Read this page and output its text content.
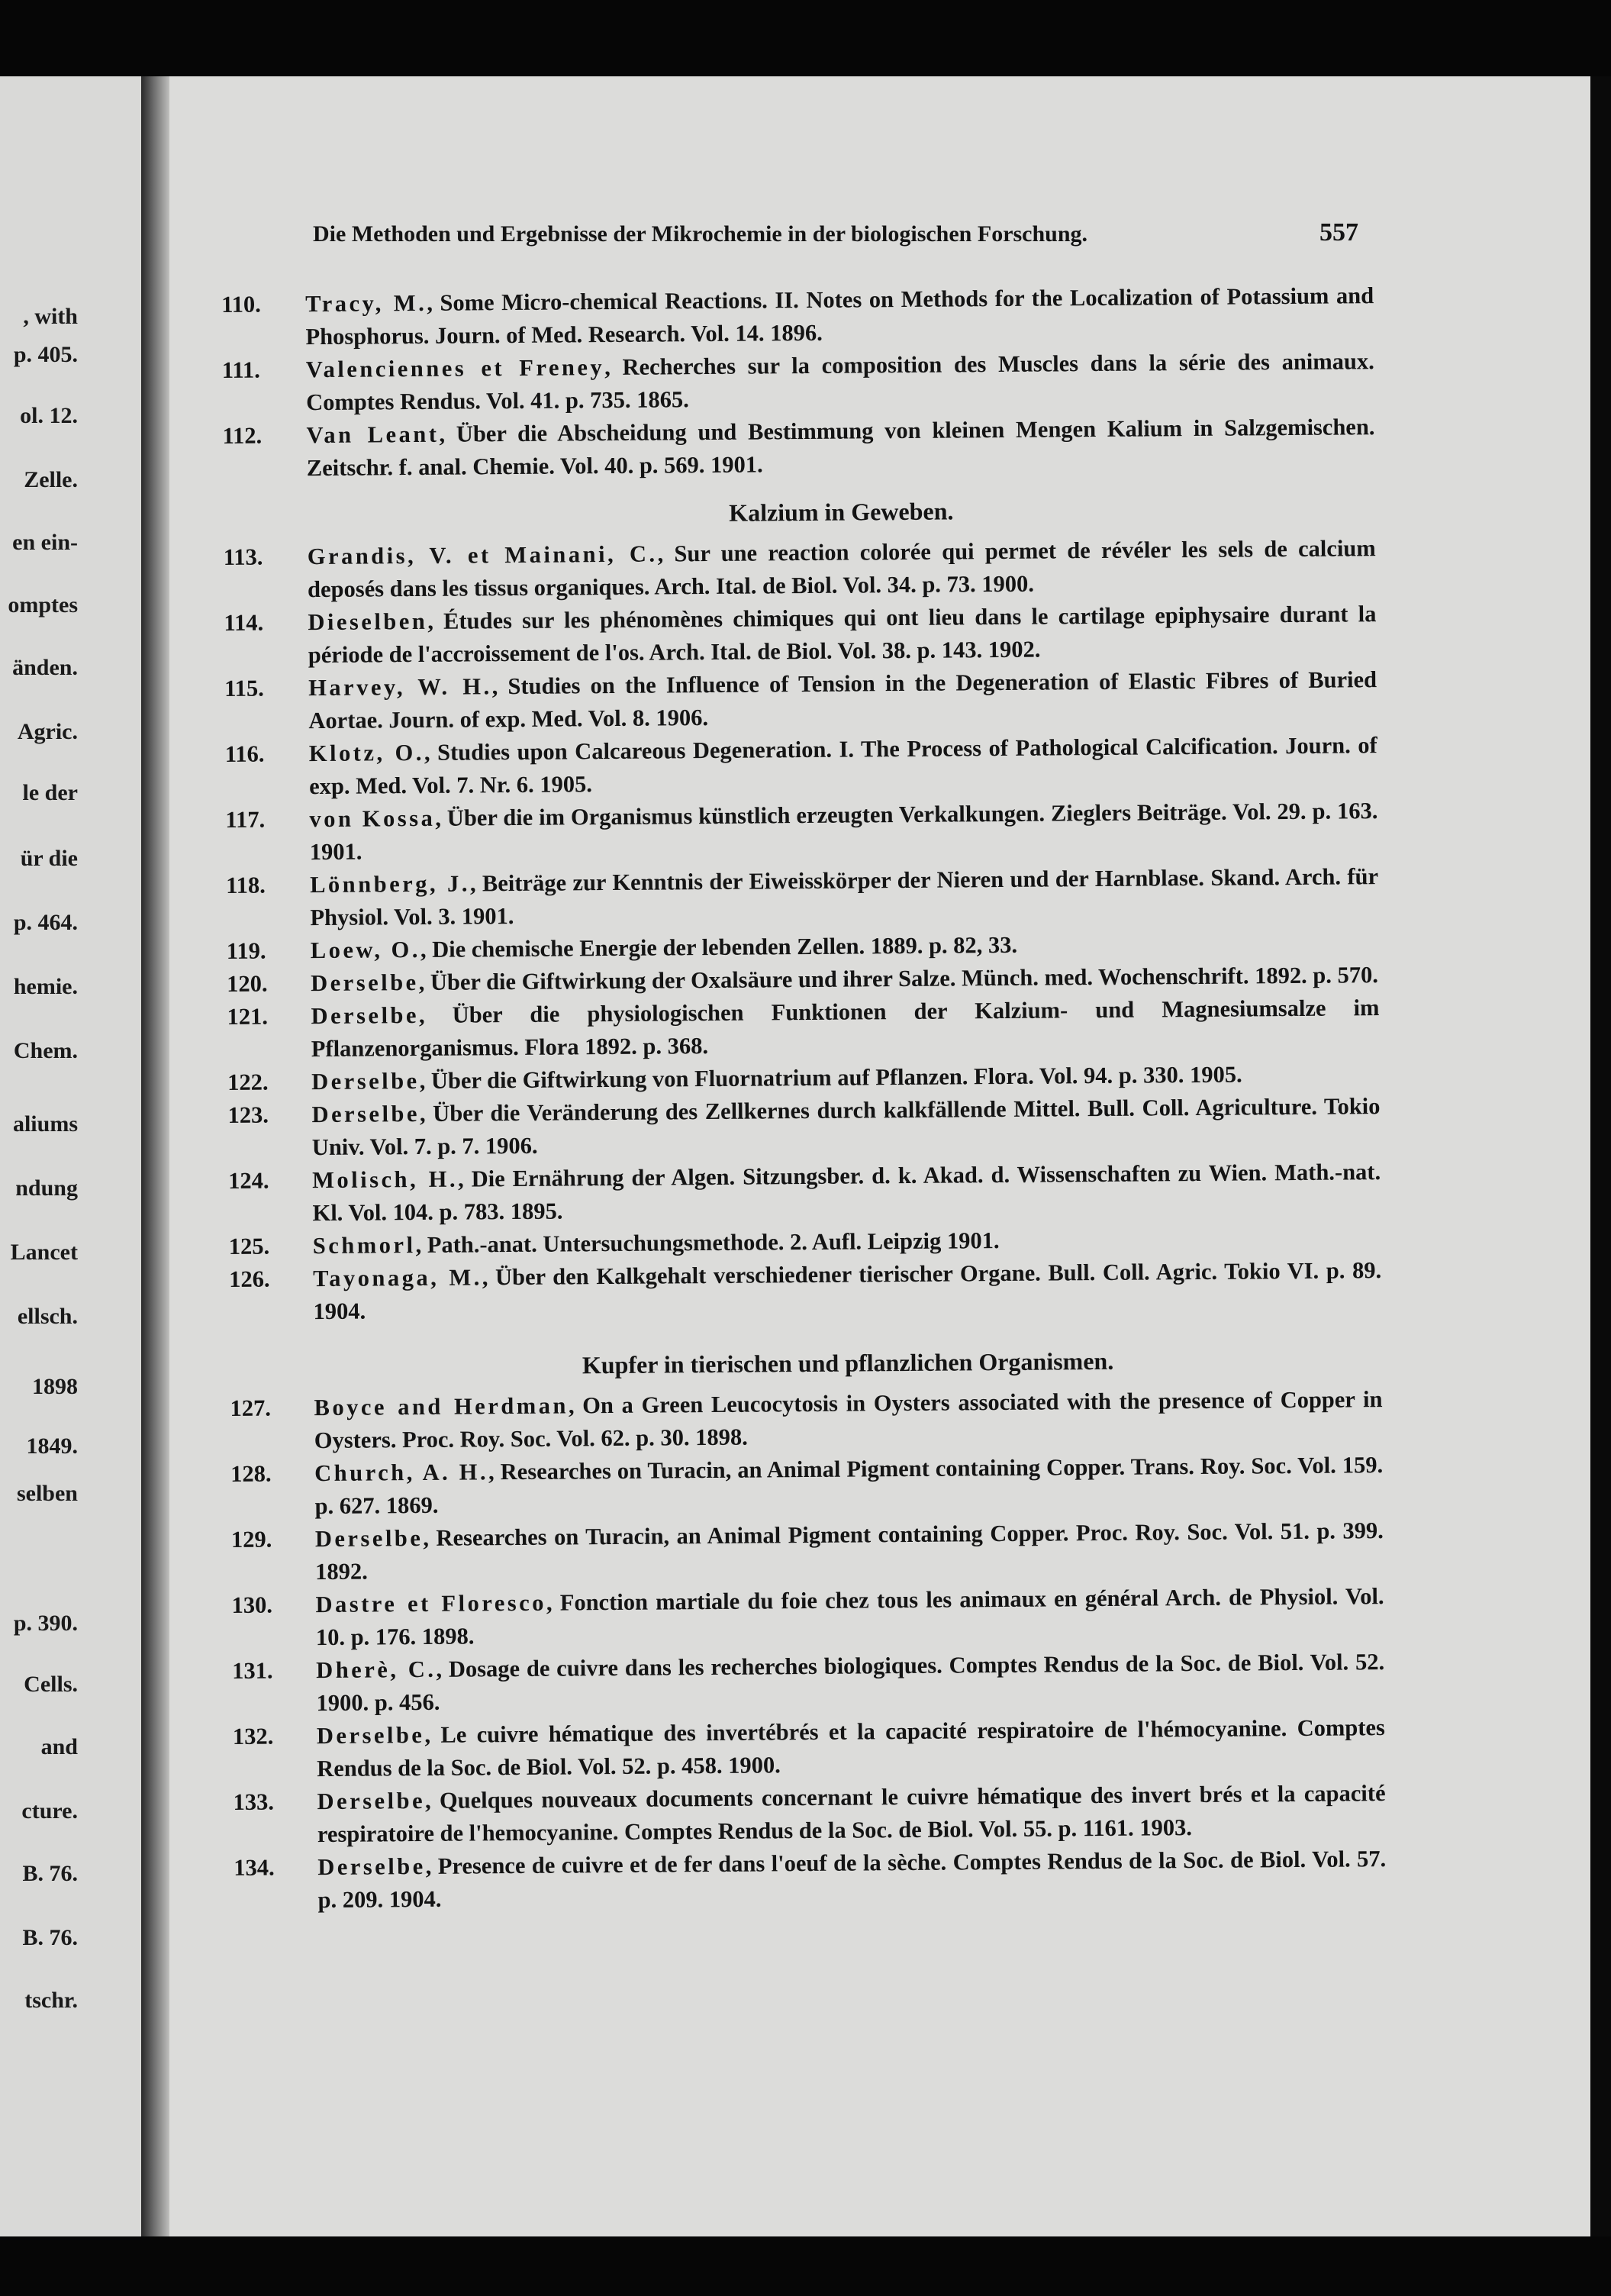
, with
p. 405.
ol. 12.
Zelle.
en ein-
omptes
änden.
Agric.
le der
ür die
p. 464.
hemie.
Chem.
aliums
ndung
Lancet
ellsch.
1898
1849.
selben
p. 390.
Cells.
and
cture.
B. 76.
B. 76.
tschr.
Die Methoden und Ergebnisse der Mikrochemie in der biologischen Forschung.	557
110.	Tracy, M., Some Micro-chemical Reactions. II. Notes on Methods for the Localization of Potassium and Phosphorus. Journ. of Med. Research. Vol. 14. 1896.
111.	Valenciennes et Freney, Recherches sur la composition des Muscles dans la série des animaux. Comptes Rendus. Vol. 41. p. 735. 1865.
112.	Van Leant, Über die Abscheidung und Bestimmung von kleinen Mengen Kalium in Salzgemischen. Zeitschr. f. anal. Chemie. Vol. 40. p. 569. 1901.
Kalzium in Geweben.
113.	Grandis, V. et Mainani, C., Sur une reaction colorée qui permet de révéler les sels de calcium deposés dans les tissus organiques. Arch. Ital. de Biol. Vol. 34. p. 73. 1900.
114.	Dieselben, Études sur les phénomènes chimiques qui ont lieu dans le cartilage epiphysaire durant la période de l'accroissement de l'os. Arch. Ital. de Biol. Vol. 38. p. 143. 1902.
115.	Harvey, W. H., Studies on the Influence of Tension in the Degeneration of Elastic Fibres of Buried Aortae. Journ. of exp. Med. Vol. 8. 1906.
116.	Klotz, O., Studies upon Calcareous Degeneration. I. The Process of Pathological Calcification. Journ. of exp. Med. Vol. 7. Nr. 6. 1905.
117.	von Kossa, Über die im Organismus künstlich erzeugten Verkalkungen. Zieglers Beiträge. Vol. 29. p. 163. 1901.
118.	Lönnberg, J., Beiträge zur Kenntnis der Eiweisskörper der Nieren und der Harnblase. Skand. Arch. für Physiol. Vol. 3. 1901.
119.	Loew, O., Die chemische Energie der lebenden Zellen. 1889. p. 82, 33.
120.	Derselbe, Über die Giftwirkung der Oxalsäure und ihrer Salze. Münch. med. Wochenschrift. 1892. p. 570.
121.	Derselbe, Über die physiologischen Funktionen der Kalzium- und Magnesiumsalze im Pflanzenorganismus. Flora 1892. p. 368.
122.	Derselbe, Über die Giftwirkung von Fluornatrium auf Pflanzen. Flora. Vol. 94. p. 330. 1905.
123.	Derselbe, Über die Veränderung des Zellkernes durch kalkfällende Mittel. Bull. Coll. Agriculture. Tokio Univ. Vol. 7. p. 7. 1906.
124.	Molisch, H., Die Ernährung der Algen. Sitzungsber. d. k. Akad. d. Wissenschaften zu Wien. Math.-nat. Kl. Vol. 104. p. 783. 1895.
125.	Schmorl, Path.-anat. Untersuchungsmethode. 2. Aufl. Leipzig 1901.
126.	Tayonaga, M., Über den Kalkgehalt verschiedener tierischer Organe. Bull. Coll. Agric. Tokio VI. p. 89. 1904.
Kupfer in tierischen und pflanzlichen Organismen.
127.	Boyce and Herdman, On a Green Leucocytosis in Oysters associated with the presence of Copper in Oysters. Proc. Roy. Soc. Vol. 62. p. 30. 1898.
128.	Church, A. H., Researches on Turacin, an Animal Pigment containing Copper. Trans. Roy. Soc. Vol. 159. p. 627. 1869.
129.	Derselbe, Researches on Turacin, an Animal Pigment containing Copper. Proc. Roy. Soc. Vol. 51. p. 399. 1892.
130.	Dastre et Floresco, Fonction martiale du foie chez tous les animaux en général Arch. de Physiol. Vol. 10. p. 176. 1898.
131.	Dherè, C., Dosage de cuivre dans les recherches biologiques. Comptes Rendus de la Soc. de Biol. Vol. 52. 1900. p. 456.
132.	Derselbe, Le cuivre hématique des invertébrés et la capacité respiratoire de l'hémocyanine. Comptes Rendus de la Soc. de Biol. Vol. 52. p. 458. 1900.
133.	Derselbe, Quelques nouveaux documents concernant le cuivre hématique des invert brés et la capacité respiratoire de l'hemocyanine. Comptes Rendus de la Soc. de Biol. Vol. 55. p. 1161. 1903.
134.	Derselbe, Presence de cuivre et de fer dans l'oeuf de la sèche. Comptes Rendus de la Soc. de Biol. Vol. 57. p. 209. 1904.
